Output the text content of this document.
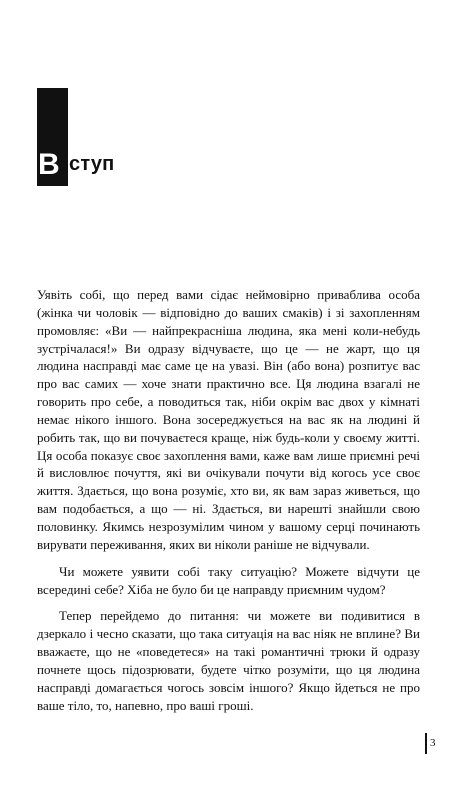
В ступ

Уявіть собі, що перед вами сідає неймовірно приваблива особа (жінка чи чоловік — відповідно до ваших смаків) і зі захопленням промовляє: «Ви — найпрекрасніша людина, яка мені коли-небудь зустрічалася!» Ви одразу відчуваєте, що це — не жарт, що ця людина насправді має саме це на увазі. Він (або вона) розпитує вас про вас самих — хоче знати практично все. Ця людина взагалі не говорить про себе, а поводиться так, ніби окрім вас двох у кімнаті немає нікого іншого. Вона зосереджується на вас як на людині й робить так, що ви почуваєтеся краще, ніж будь-коли у своєму житті. Ця особа показує своє захоплення вами, каже вам лише приємні речі й висловлює почуття, які ви очікували почути від когось усе своє життя. Здається, що вона розуміє, хто ви, як вам зараз живеться, що вам подобається, а що — ні. Здається, ви нарешті знайшли свою половинку. Якимсь незрозумілим чином у вашому серці починають вирувати переживання, яких ви ніколи раніше не відчували.

Чи можете уявити собі таку ситуацію? Можете відчути це всередині себе? Хіба не було би це направду приємним чудом?

Тепер перейдемо до питання: чи можете ви подивитися в дзеркало і чесно сказати, що така ситуація на вас ніяк не вплине? Ви вважаєте, що не «поведетеся» на такі романтичні трюки й одразу почнете щось підозрювати, будете чітко розуміти, що ця людина насправді домагається чогось зовсім іншого? Якщо йдеться не про ваше тіло, то, напевно, про ваші гроші.

3
